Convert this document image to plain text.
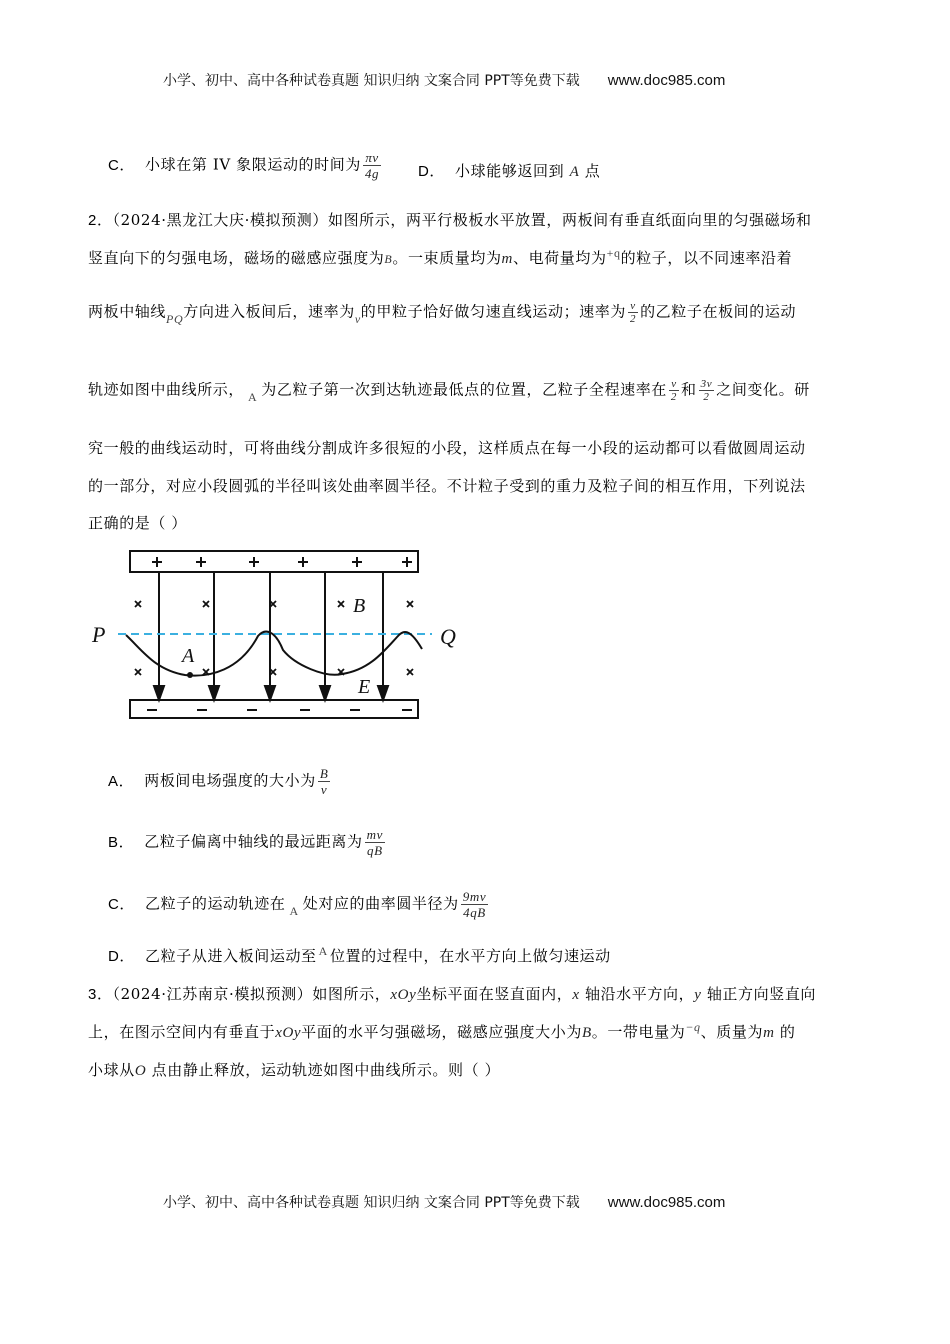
小学、初中、高中各种试卷真题 知识归纳 文案合同 PPT等免费下载 www.doc985.com
C． 小球在第 IV 象限运动的时间为 $\frac{\pi v}{4g}$ D． 小球能够返回到 A 点
2．（2024·黑龙江大庆·模拟预测）如图所示，两平行极板水平放置，两板间有垂直纸面向里的匀强磁场和
竖直向下的匀强电场，磁场的磁感应强度为B。一束质量均为m、电荷量均为$^{+q}$的粒子，以不同速率沿着
两板中轴线$_{PQ}$方向进入板间后，速率为$_v$的甲粒子恰好做匀速直线运动；速率为 $\frac{v}{2}$ 的乙粒子在板间的运动
轨迹如图中曲线所示， $_A$ 为乙粒子第一次到达轨迹最低点的位置，乙粒子全程速率在 $\frac{v}{2}$ 和 $\frac{3v}{2}$ 之间变化。研
究一般的曲线运动时，可将曲线分割成许多很短的小段，这样质点在每一小段的运动都可以看做圆周运动
的一部分，对应小段圆弧的半径叫该处曲率圆半径。不计粒子受到的重力及粒子间的相互作用，下列说法
正确的是（ ）
P	Q
A
B
E
A． 两板间电场强度的大小为 $\frac{B}{v}$
B． 乙粒子偏离中轴线的最远距离为 $\frac{mv}{qB}$
C． 乙粒子的运动轨迹在 $_A$ 处对应的曲率圆半径为 $\frac{9mv}{4qB}$
D． 乙粒子从进入板间运动至 $^A$ 位置的过程中，在水平方向上做匀速运动
3．（2024·江苏南京·模拟预测）如图所示，xOy坐标平面在竖直面内，x 轴沿水平方向，y 轴正方向竖直向
上，在图示空间内有垂直于xOy平面的水平匀强磁场，磁感应强度大小为B。一带电量为$^{-q}$、质量为m 的
小球从O 点由静止释放，运动轨迹如图中曲线所示。则（ ）
小学、初中、高中各种试卷真题 知识归纳 文案合同 PPT等免费下载 www.doc985.com
